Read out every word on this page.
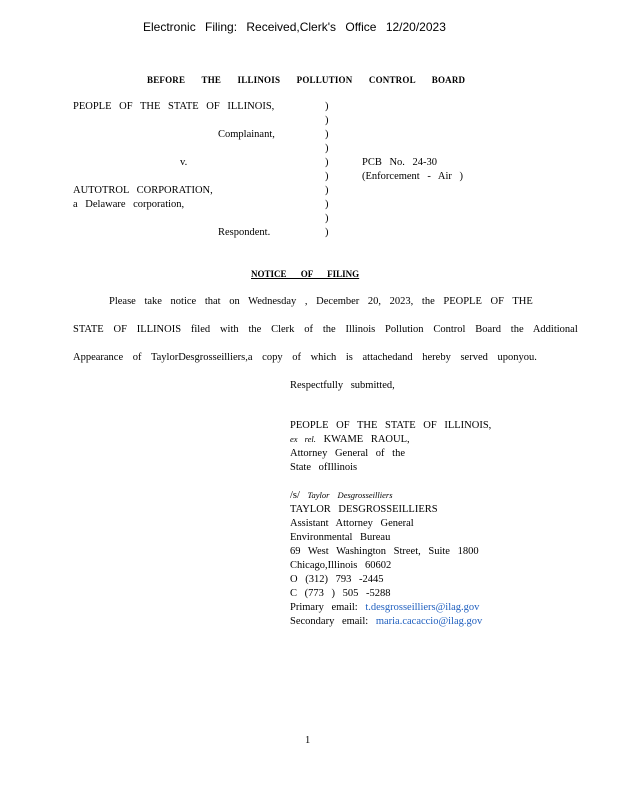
Electronic Filing: Received,Clerk's Office 12/20/2023
BEFORE THE ILLINOIS POLLUTION CONTROL BOARD
PEOPLE OF THE STATE OF ILLINOIS,
Complainant,
v.
AUTOTROL CORPORATION,
a Delaware corporation,
Respondent.
)
)
)
)
)
)
)
)
)
)
PCB No. 24-30
(Enforcement - Air )
NOTICE OF FILING
Please take notice that on Wednesday , December 20, 2023, the PEOPLE OF THE
STATE OF ILLINOIS filed with the Clerk of the Illinois Pollution Control Board the Additional
Appearance of TaylorDesgrosseilliers,a copy of which is attachedand hereby served uponyou.
Respectfully submitted,
PEOPLE OF THE STATE OF ILLINOIS,
ex rel. KWAME RAOUL,
Attorney General of the
State ofIllinois
/s/ Taylor Desgrosseilliers
TAYLOR DESGROSSEILLIERS
Assistant Attorney General
Environmental Bureau
69 West Washington Street, Suite 1800
Chicago,Illinois 60602
O (312) 793 -2445
C (773 ) 505 -5288
Primary email: t.desgrosseilliers@ilag.gov
Secondary email: maria.cacaccio@ilag.gov
1
